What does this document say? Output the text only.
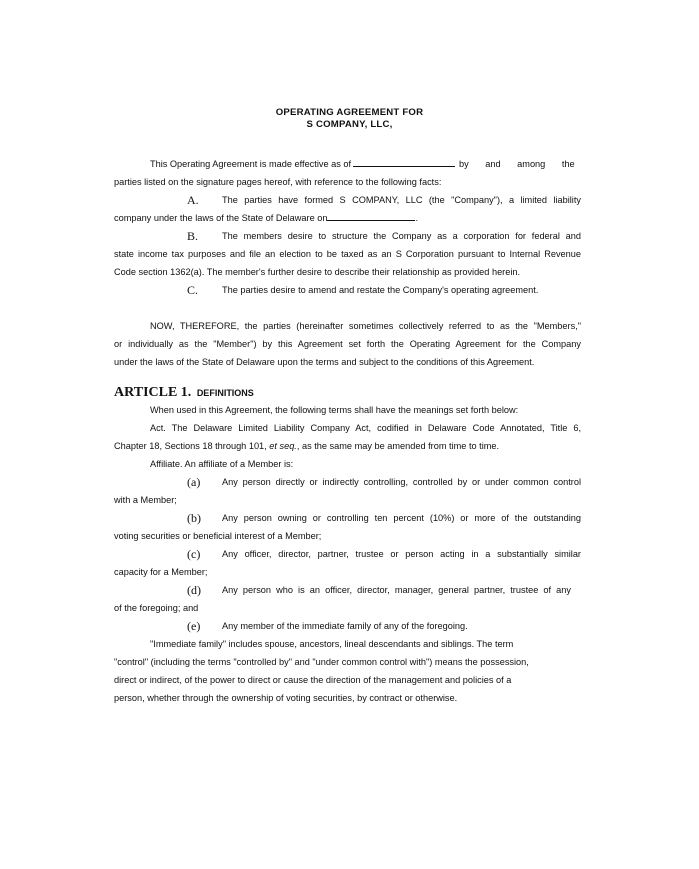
OPERATING AGREEMENT FOR
S COMPANY, LLC,
This Operating Agreement is made effective as of	by and among the
parties listed on the signature pages hereof, with reference to the following facts:
A.	The parties have formed S COMPANY, LLC (the "Company"), a limited liability
company under the laws of the State of Delaware on	.
B.	The members desire to structure the Company as a corporation for federal and
state income tax purposes and file an election to be taxed as an S Corporation pursuant to Internal Revenue
Code section 1362(a). The member's further desire to describe their relationship as provided herein.
C.	The parties desire to amend and restate the Company's operating agreement.
NOW, THEREFORE, the parties (hereinafter sometimes collectively referred to as the "Members,"
or individually as the "Member") by this Agreement set forth the Operating Agreement for the Company
under the laws of the State of Delaware upon the terms and subject to the conditions of this Agreement.
ARTICLE 1. DEFINITIONS
When used in this Agreement, the following terms shall have the meanings set forth below:
Act. The Delaware Limited Liability Company Act, codified in Delaware Code Annotated, Title 6,
Chapter 18, Sections 18 through 101, et seq., as the same may be amended from time to time.
Affiliate. An affiliate of a Member is:
(a) Any person directly or indirectly controlling, controlled by or under common control
with a Member;
(b) Any person owning or controlling ten percent (10%) or more of the outstanding
voting securities or beneficial interest of a Member;
(c) Any officer, director, partner, trustee or person acting in a substantially similar
capacity for a Member;
(d) Any person who is an officer, director, manager, general partner, trustee of any
of the foregoing; and
(e) Any member of the immediate family of any of the foregoing.
"Immediate family" includes spouse, ancestors, lineal descendants and siblings. The term
"control" (including the terms "controlled by" and "under common control with") means the possession,
direct or indirect, of the power to direct or cause the direction of the management and policies of a
person, whether through the ownership of voting securities, by contract or otherwise.
